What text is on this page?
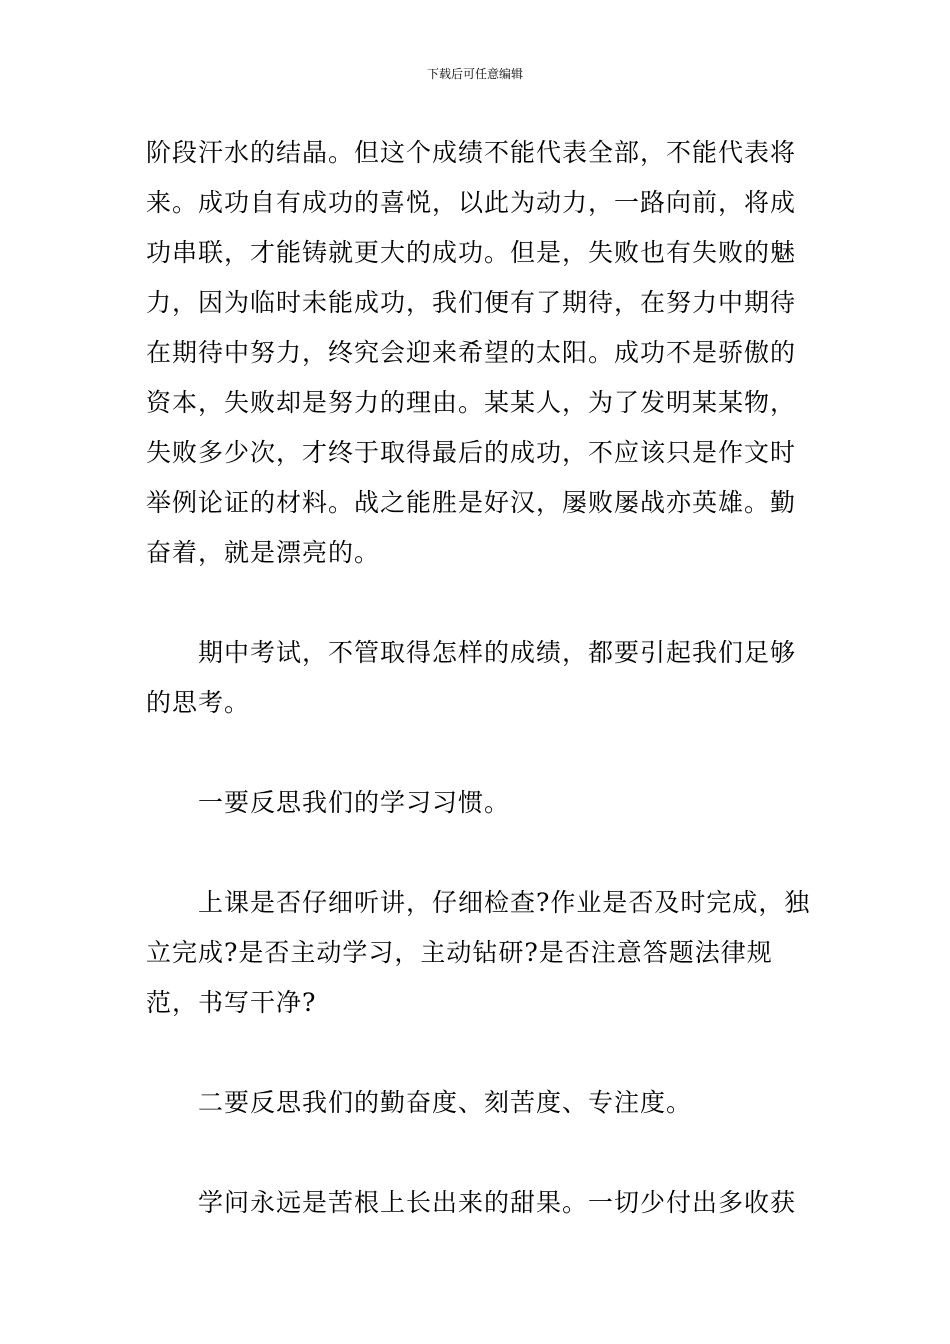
下载后可任意编辑

阶段汗水的结晶。但这个成绩不能代表全部，不能代表将来。成功自有成功的喜悦，以此为动力，一路向前，将成功串联，才能铸就更大的成功。但是，失败也有失败的魅力，因为临时未能成功，我们便有了期待，在努力中期待在期待中努力，终究会迎来希望的太阳。成功不是骄傲的资本，失败却是努力的理由。某某人，为了发明某某物，失败多少次，才终于取得最后的成功，不应该只是作文时举例论证的材料。战之能胜是好汉，屡败屡战亦英雄。勤奋着，就是漂亮的。

期中考试，不管取得怎样的成绩，都要引起我们足够的思考。

一要反思我们的学习习惯。

上课是否仔细听讲，仔细检查?作业是否及时完成，独立完成?是否主动学习，主动钻研?是否注意答题法律规范，书写干净?

二要反思我们的勤奋度、刻苦度、专注度。

学问永远是苦根上长出来的甜果。一切少付出多收获
